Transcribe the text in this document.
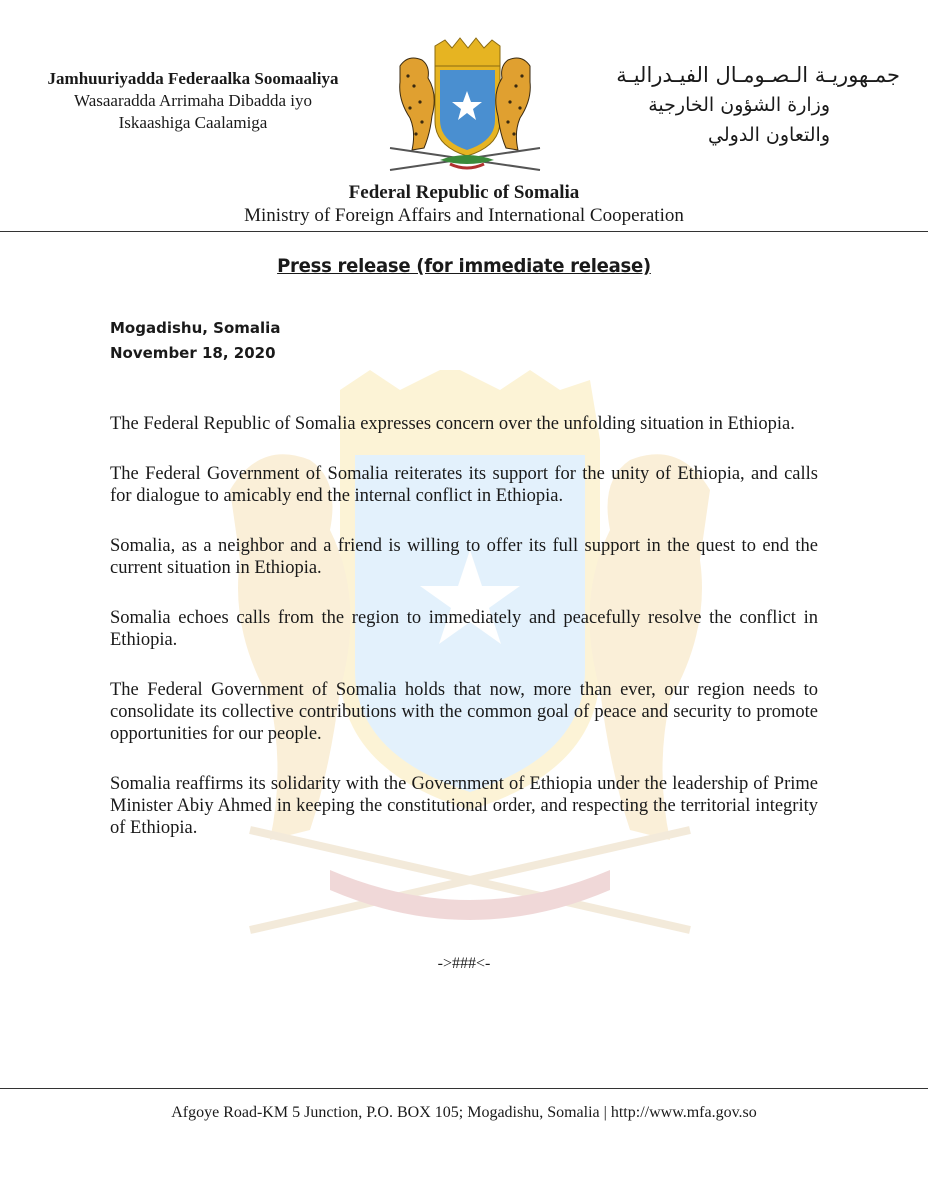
Jamhuuriyadda Federaalka Soomaaliya
Wasaaradda Arrimaha Dibadda iyo
Iskaashiga Caalamiga
جمـهوريـة الـصـومـال الفيـدراليـة
وزارة الشؤون الخارجية
والتعاون الدولي
Federal Republic of Somalia
Ministry of Foreign Affairs and International Cooperation
Press release (for immediate release)
Mogadishu, Somalia
November 18, 2020

The Federal Republic of Somalia expresses concern over the unfolding situation in Ethiopia.

The Federal Government of Somalia reiterates its support for the unity of Ethiopia, and calls for dialogue to amicably end the internal conflict in Ethiopia.

Somalia, as a neighbor and a friend is willing to offer its full support in the quest to end the current situation in Ethiopia.

Somalia echoes calls from the region to immediately and peacefully resolve the conflict in Ethiopia.

The Federal Government of Somalia holds that now, more than ever, our region needs to consolidate its collective contributions with the common goal of peace and security to promote opportunities for our people.

Somalia reaffirms its solidarity with the Government of Ethiopia under the leadership of Prime Minister Abiy Ahmed in keeping the constitutional order, and respecting the territorial integrity of Ethiopia.

->###<-
Afgoye Road-KM 5 Junction, P.O. BOX 105; Mogadishu, Somalia | http://www.mfa.gov.so
